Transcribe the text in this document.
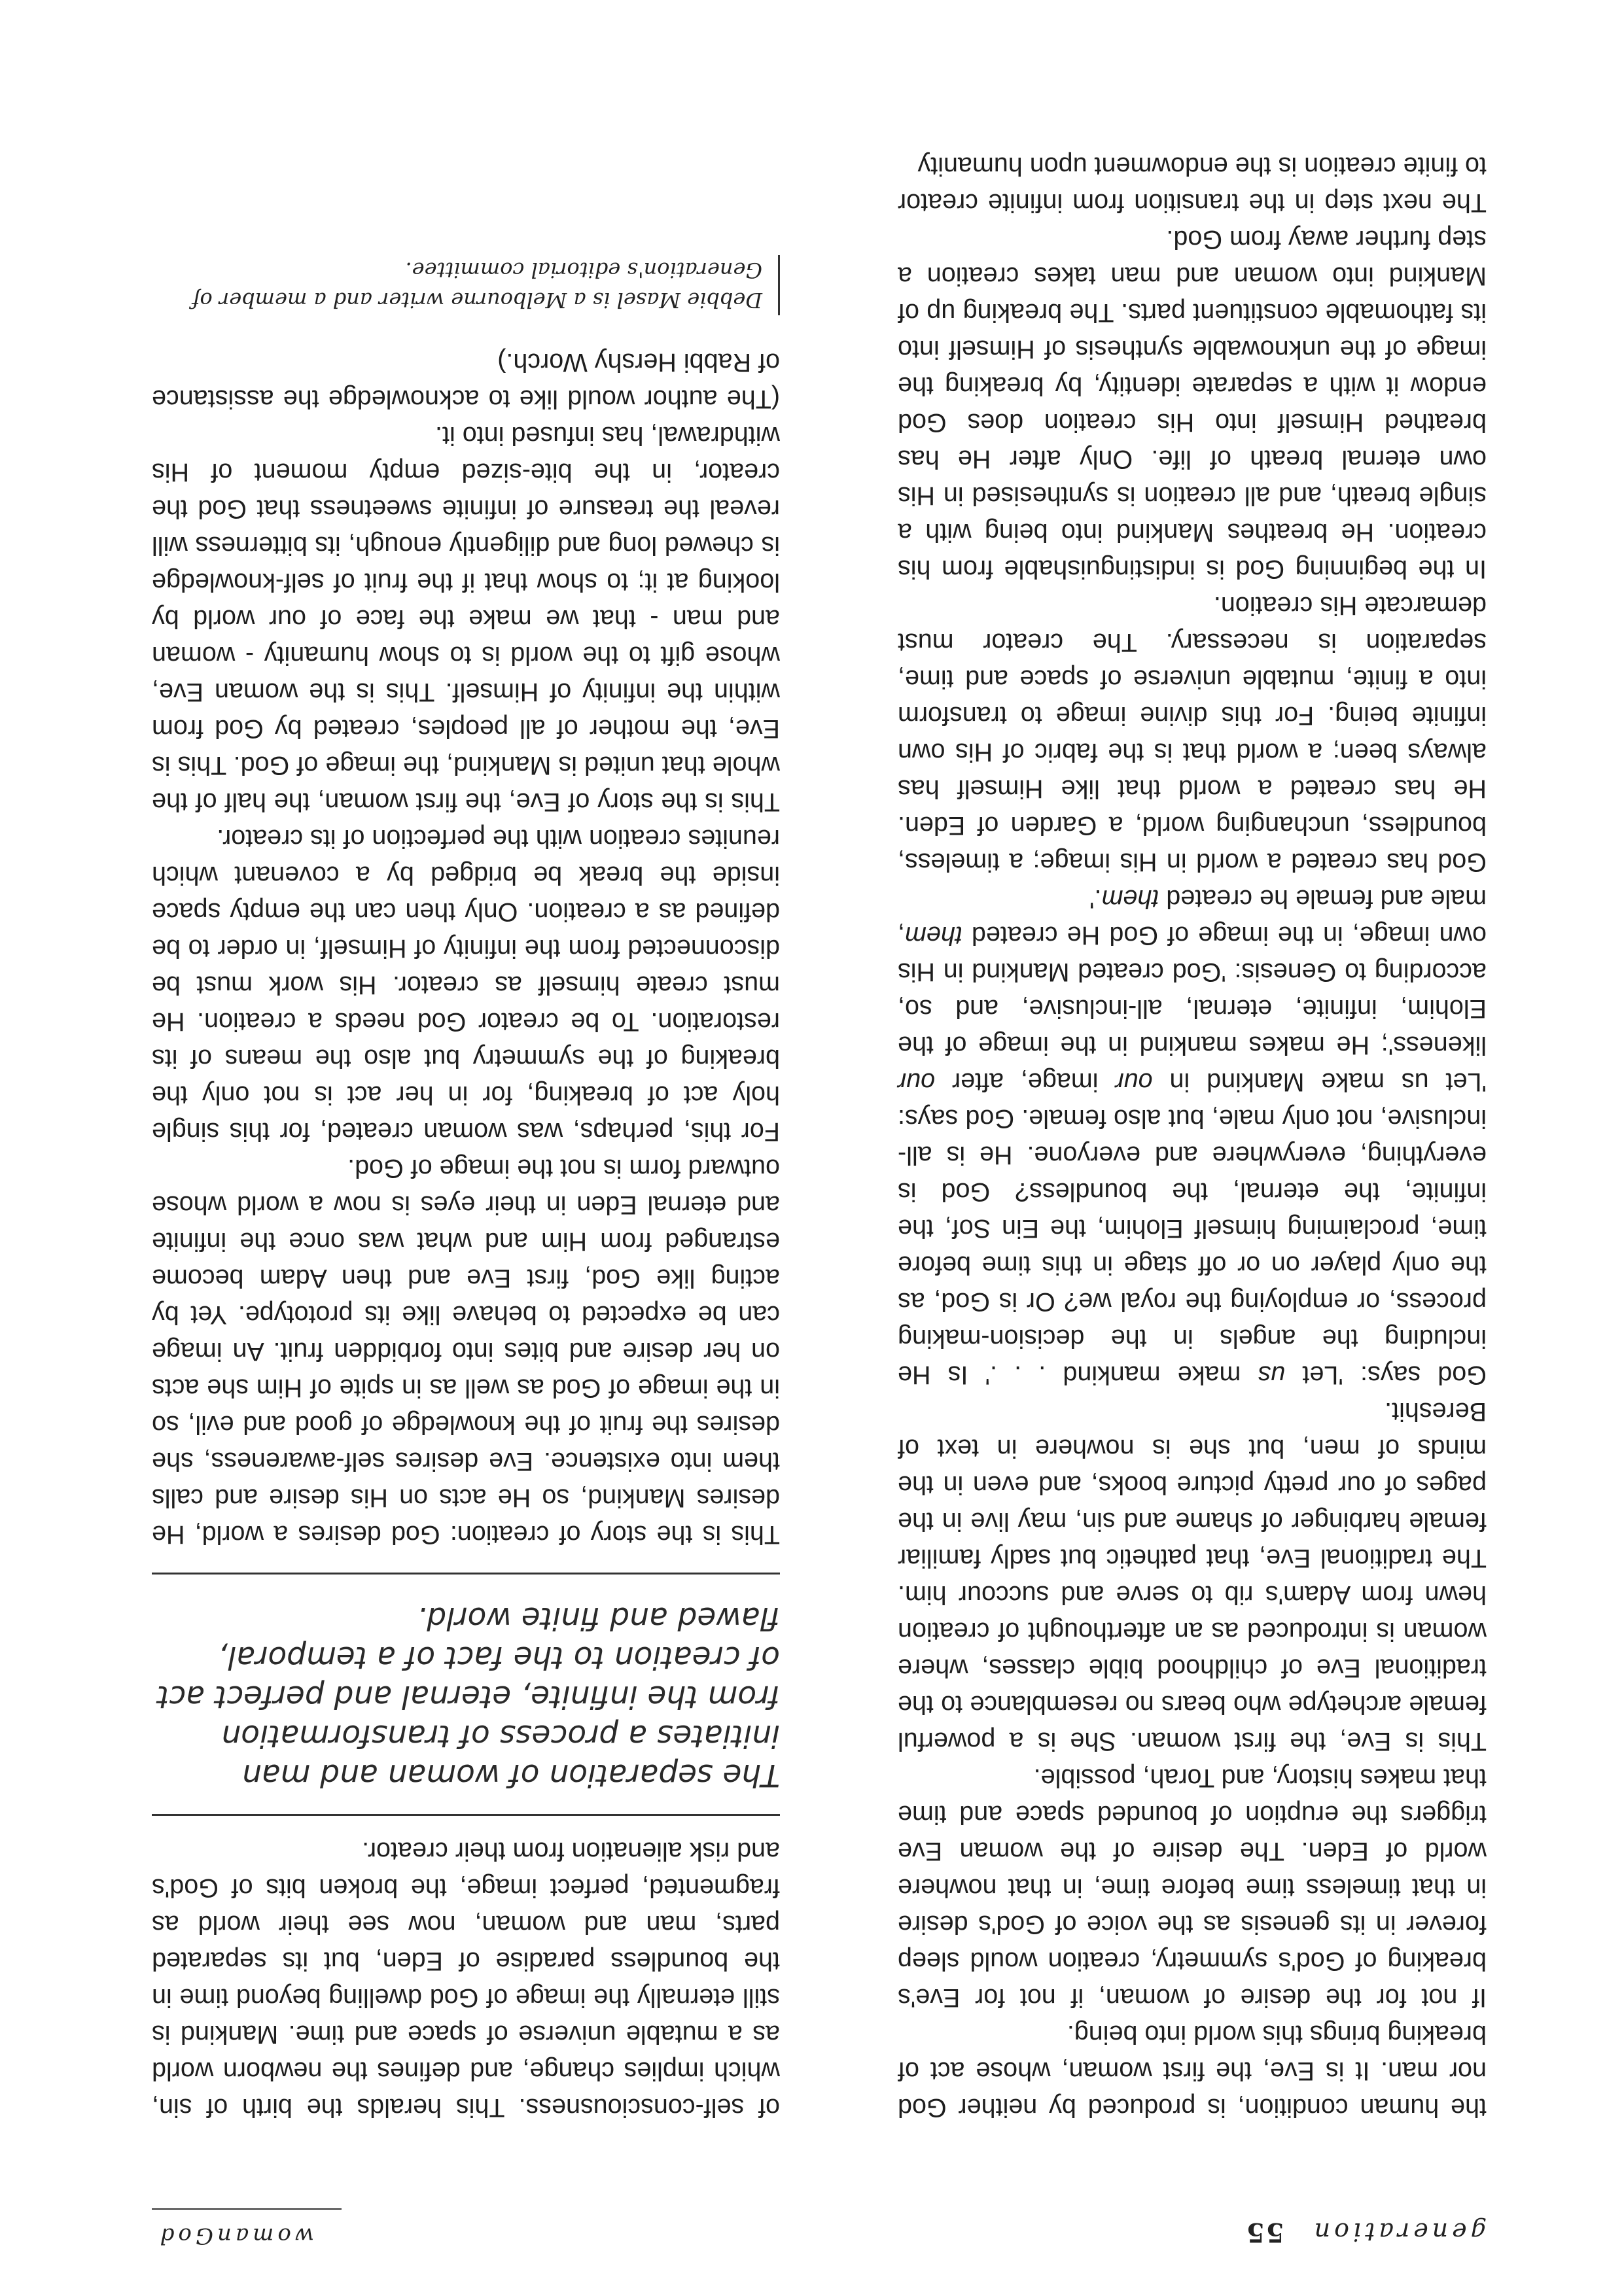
generation55
womanGod

the human condition, is produced by neither God nor man. It is Eve, the first woman, whose act of breaking brings this world into being.

If not for the desire of woman, if not for Eve's breaking of God's symmetry, creation would sleep forever in its genesis as the voice of God's desire in that timeless time before time, in that nowhere world of Eden. The desire of the woman Eve triggers the eruption of bounded space and time that makes history, and Torah, possible.

This is Eve, the first woman. She is a powerful female archetype who bears no resemblance to the traditional Eve of childhood bible classes, where woman is introduced as an afterthought of creation hewn from Adam's rib to serve and succour him. The traditional Eve, that pathetic but sadly familiar female harbinger of shame and sin, may live in the pages of our pretty picture books, and even in the minds of men, but she is nowhere in text of Bereshit.

God says: 'Let us make mankind . . .' Is He including the angels in the decision-making process, or employing the royal we? Or is God, as the only player on or off stage in this time before time, proclaiming himself Elohim, the Ein Sof, the infinite, the eternal, the boundless? God is everything, everywhere and everyone. He is all-inclusive, not only male, but also female. God says: 'Let us make Mankind in our image, after our likeness'; He makes mankind in the image of the Elohim, infinite, eternal, all-inclusive, and so, according to Genesis: 'God created Mankind in His own image, in the image of God He created them, male and female he created them.'

God has created a world in His image; a timeless, boundless, unchanging world, a Garden of Eden. He has created a world that like Himself has always been; a world that is the fabric of His own infinite being. For this divine image to transform into a finite, mutable universe of space and time, separation is necessary. The creator must demarcate His creation.

In the beginning God is indistinguishable from his creation. He breathes Mankind into being with a single breath, and all creation is synthesised in His own eternal breath of life. Only after He has breathed Himself into His creation does God endow it with a separate identity, by breaking the image of the unknowable synthesis of Himself into its fathomable constituent parts. The breaking up of Mankind into woman and man takes creation a step further away from God.

The next step in the transition from infinite creator to finite creation is the endowment upon humanity

of self-consciousness. This heralds the birth of sin, which implies change, and defines the newborn world as a mutable universe of space and time. Mankind is still eternally the image of God dwelling beyond time in the boundless paradise of Eden, but its separated parts, man and woman, now see their world as fragmented, perfect image, the broken bits of God's and risk alienation from their creator.

The separation of woman and man initiates a process of transformation from the infinite, eternal and perfect act of creation to the fact of a temporal, flawed and finite world.

This is the story of creation: God desires a world, He desires Mankind, so He acts on His desire and calls them into existence. Eve desires self-awareness, she desires the fruit of the knowledge of good and evil, so in the image of God as well as in spite of Him she acts on her desire and bites into forbidden fruit. An image can be expected to behave like its prototype. Yet by acting like God, first Eve and then Adam become estranged from Him and what was once the infinite and eternal Eden in their eyes is now a world whose outward form is not the image of God.

For this, perhaps, was woman created, for this single holy act of breaking, for in her act is not only the breaking of the symmetry but also the means of its restoration. To be creator God needs a creation. He must create himself as creator. His work must be disconnected from the infinity of Himself, in order to be defined as a creation. Only then can the empty space inside the break be bridged by a covenant which reunites creation with the perfection of its creator.

This is the story of Eve, the first woman, the half of the whole that united is Mankind, the image of God. This is Eve, the mother of all peoples, created by God from within the infinity of Himself. This is the woman Eve, whose gift to the world is to show humanity - woman and man - that we make the face of our world by looking at it; to show that if the fruit of self-knowledge is chewed long and diligently enough, its bitterness will reveal the treasure of infinite sweetness that God the creator, in the bite-sized empty moment of His withdrawal, has infused into it.

(The author would like to acknowledge the assistance of Rabbi Hershy Worch.)

Debbie Masel is a Melbourne writer and a member of Generation's editorial committee.
